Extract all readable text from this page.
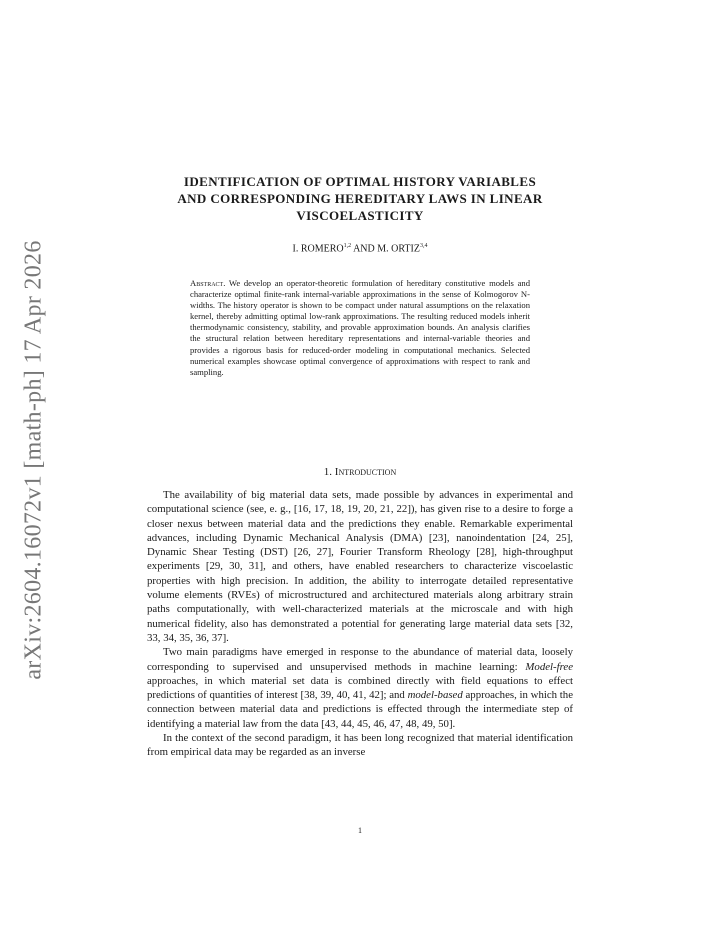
arXiv:2604.16072v1 [math-ph] 17 Apr 2026
IDENTIFICATION OF OPTIMAL HISTORY VARIABLES
AND CORRESPONDING HEREDITARY LAWS IN LINEAR
VISCOELASTICITY
I. ROMERO$^{1,2}$ AND M. ORTIZ$^{3,4}$
Abstract. We develop an operator-theoretic formulation of hereditary constitutive models and characterize optimal finite-rank internal-variable approximations in the sense of Kolmogorov N-widths. The history operator is shown to be compact under natural assumptions on the relaxation kernel, thereby admitting optimal low-rank approximations. The resulting reduced models inherit thermodynamic consistency, stability, and provable approximation bounds. An analysis clarifies the structural relation between hereditary representations and internal-variable theories and provides a rigorous basis for reduced-order modeling in computational mechanics. Selected numerical examples showcase optimal convergence of approximations with respect to rank and sampling.
1. Introduction

The availability of big material data sets, made possible by advances in experimental and computational science (see, e. g., [16, 17, 18, 19, 20, 21, 22]), has given rise to a desire to forge a closer nexus between material data and the predictions they enable. Remarkable experimental advances, including Dynamic Mechanical Analysis (DMA) [23], nanoindentation [24, 25], Dynamic Shear Testing (DST) [26, 27], Fourier Transform Rheology [28], high-throughput experiments [29, 30, 31], and others, have enabled researchers to characterize viscoelastic properties with high precision. In addition, the ability to interrogate detailed representative volume elements (RVEs) of microstructured and architectured materials along arbitrary strain paths computationally, with well-characterized materials at the microscale and with high numerical fidelity, also has demonstrated a potential for generating large material data sets [32, 33, 34, 35, 36, 37].

Two main paradigms have emerged in response to the abundance of material data, loosely corresponding to supervised and unsupervised methods in machine learning: Model-free approaches, in which material set data is combined directly with field equations to effect predictions of quantities of interest [38, 39, 40, 41, 42]; and model-based approaches, in which the connection between material data and predictions is effected through the intermediate step of identifying a material law from the data [43, 44, 45, 46, 47, 48, 49, 50].

In the context of the second paradigm, it has been long recognized that material identification from empirical data may be regarded as an inverse

1
